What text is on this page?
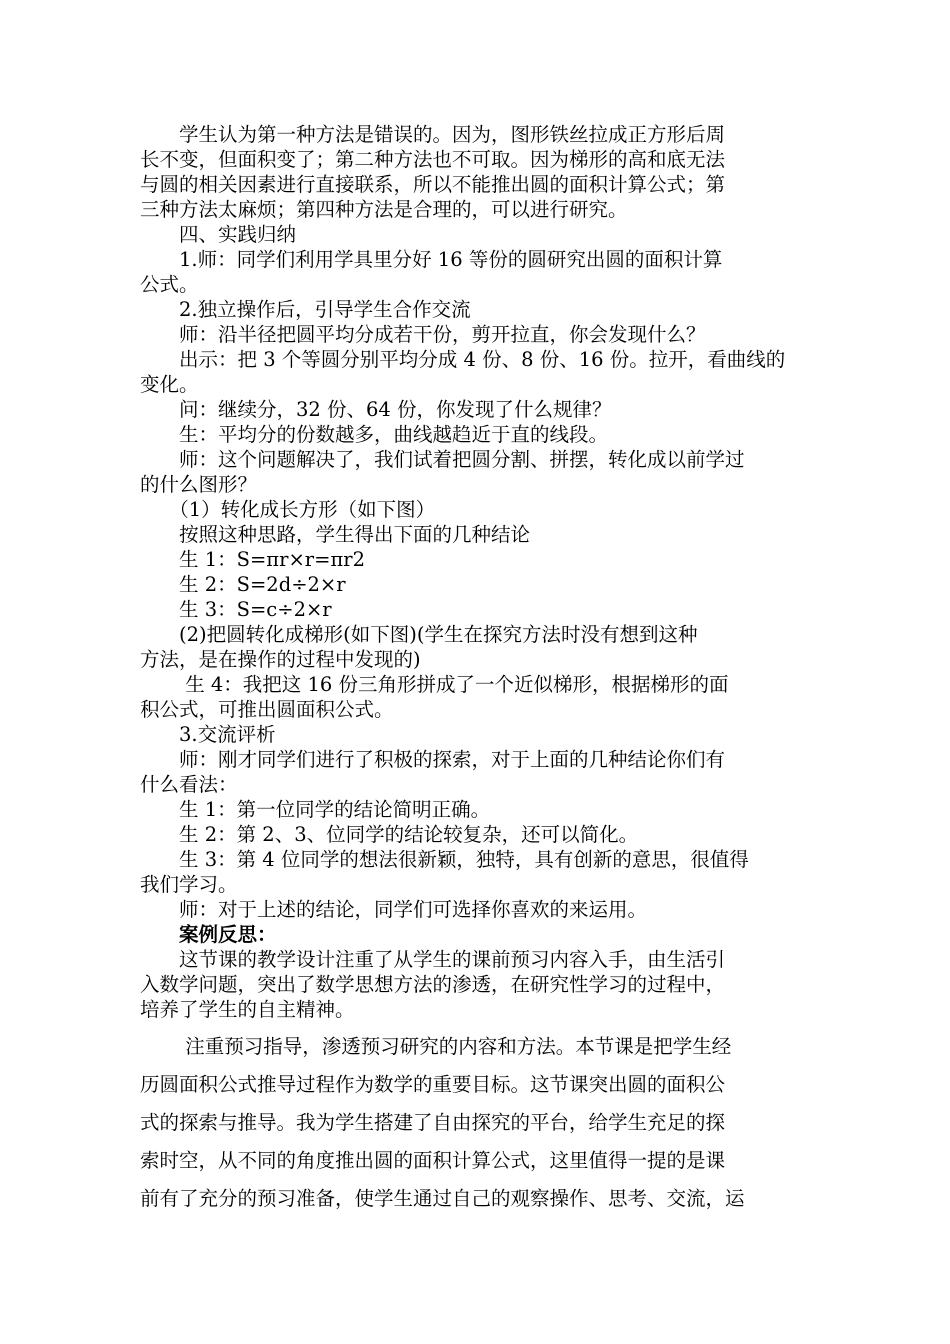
　　学生认为第一种方法是错误的。因为，图形铁丝拉成正方形后周
长不变，但面积变了；第二种方法也不可取。因为梯形的高和底无法
与圆的相关因素进行直接联系，所以不能推出圆的面积计算公式；第
三种方法太麻烦；第四种方法是合理的，可以进行研究。
　　四、实践归纳
　　1.师：同学们利用学具里分好 16 等份的圆研究出圆的面积计算
公式。
　　2.独立操作后，引导学生合作交流
　　师：沿半径把圆平均分成若干份，剪开拉直，你会发现什么？
　　出示：把 3 个等圆分别平均分成 4 份、8 份、16 份。拉开，看曲线的
变化。
　　问：继续分，32 份、64 份，你发现了什么规律？
　　生：平均分的份数越多，曲线越趋近于直的线段。
　　师：这个问题解决了，我们试着把圆分割、拼摆，转化成以前学过
的什么图形？
　　（1）转化成长方形（如下图）
　　按照这种思路，学生得出下面的几种结论
　　生 1：S=πr×r=πr2
　　生 2：S=2d÷2×r
　　生 3：S=c÷2×r
　　(2)把圆转化成梯形(如下图)(学生在探究方法时没有想到这种
方法，是在操作的过程中发现的)
　　 生 4：我把这 16 份三角形拼成了一个近似梯形，根据梯形的面
积公式，可推出圆面积公式。
　　3.交流评析
　　师：刚才同学们进行了积极的探索，对于上面的几种结论你们有
什么看法：
　　生 1：第一位同学的结论简明正确。
　　生 2：第 2、3、位同学的结论较复杂，还可以简化。
　　生 3：第 4 位同学的想法很新颖，独特，具有创新的意思，很值得
我们学习。
　　师：对于上述的结论，同学们可选择你喜欢的来运用。
　　案例反思：
　　这节课的教学设计注重了从学生的课前预习内容入手，由生活引
入数学问题，突出了数学思想方法的渗透，在研究性学习的过程中，
培养了学生的自主精神。
　　 注重预习指导，渗透预习研究的内容和方法。本节课是把学生经
历圆面积公式推导过程作为数学的重要目标。这节课突出圆的面积公
式的探索与推导。我为学生搭建了自由探究的平台，给学生充足的探
索时空，从不同的角度推出圆的面积计算公式，这里值得一提的是课
前有了充分的预习准备，使学生通过自己的观察操作、思考、交流，运
